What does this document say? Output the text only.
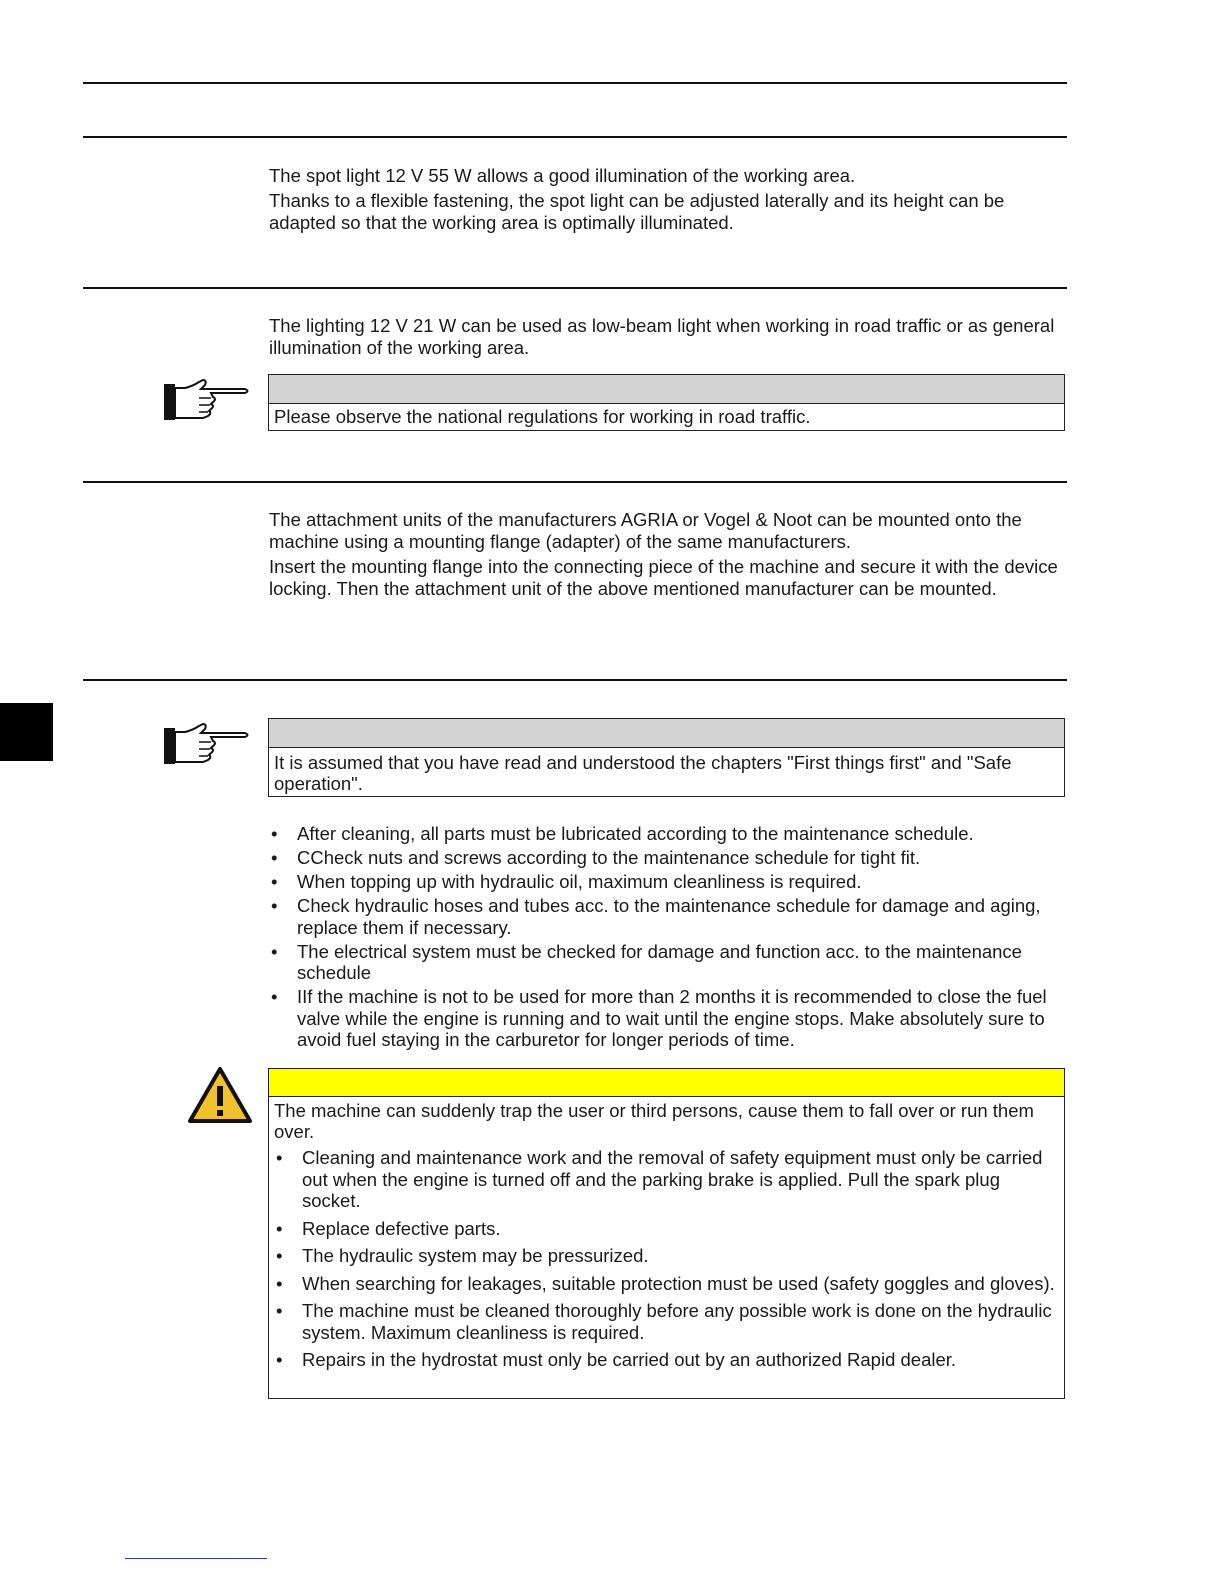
The spot light 12 V 55 W allows a good illumination of the working area.

Thanks to a flexible fastening, the spot light can be adjusted laterally and its height can be adapted so that the working area is optimally illuminated.

The lighting 12 V 21 W can be used as low-beam light when working in road traffic or as general illumination of the working area.

Please observe the national regulations for working in road traffic.

The attachment units of the manufacturers AGRIA or Vogel & Noot can be mounted onto the machine using a mounting flange (adapter) of the same manufacturers.

Insert the mounting flange into the connecting piece of the machine and secure it with the device locking. Then the attachment unit of the above mentioned manufacturer can be mounted.

It is assumed that you have read and understood the chapters "First things first" and "Safe operation".
• After cleaning, all parts must be lubricated according to the maintenance schedule.
• CCheck nuts and screws according to the maintenance schedule for tight fit.
• When topping up with hydraulic oil, maximum cleanliness is required.
• Check hydraulic hoses and tubes acc. to the maintenance schedule for damage and aging, replace them if necessary.
• The electrical system must be checked for damage and function acc. to the maintenance schedule
• IIf the machine is not to be used for more than 2 months it is recommended to close the fuel valve while the engine is running and to wait until the engine stops. Make absolutely sure to avoid fuel staying in the carburetor for longer periods of time.
The machine can suddenly trap the user or third persons, cause them to fall over or run them over.
• Cleaning and maintenance work and the removal of safety equipment must only be carried out when the engine is turned off and the parking brake is applied. Pull the spark plug socket.
• Replace defective parts.
• The hydraulic system may be pressurized.
• When searching for leakages, suitable protection must be used (safety goggles and gloves).
• The machine must be cleaned thoroughly before any possible work is done on the hydraulic system. Maximum cleanliness is required.
• Repairs in the hydrostat must only be carried out by an authorized Rapid dealer.
